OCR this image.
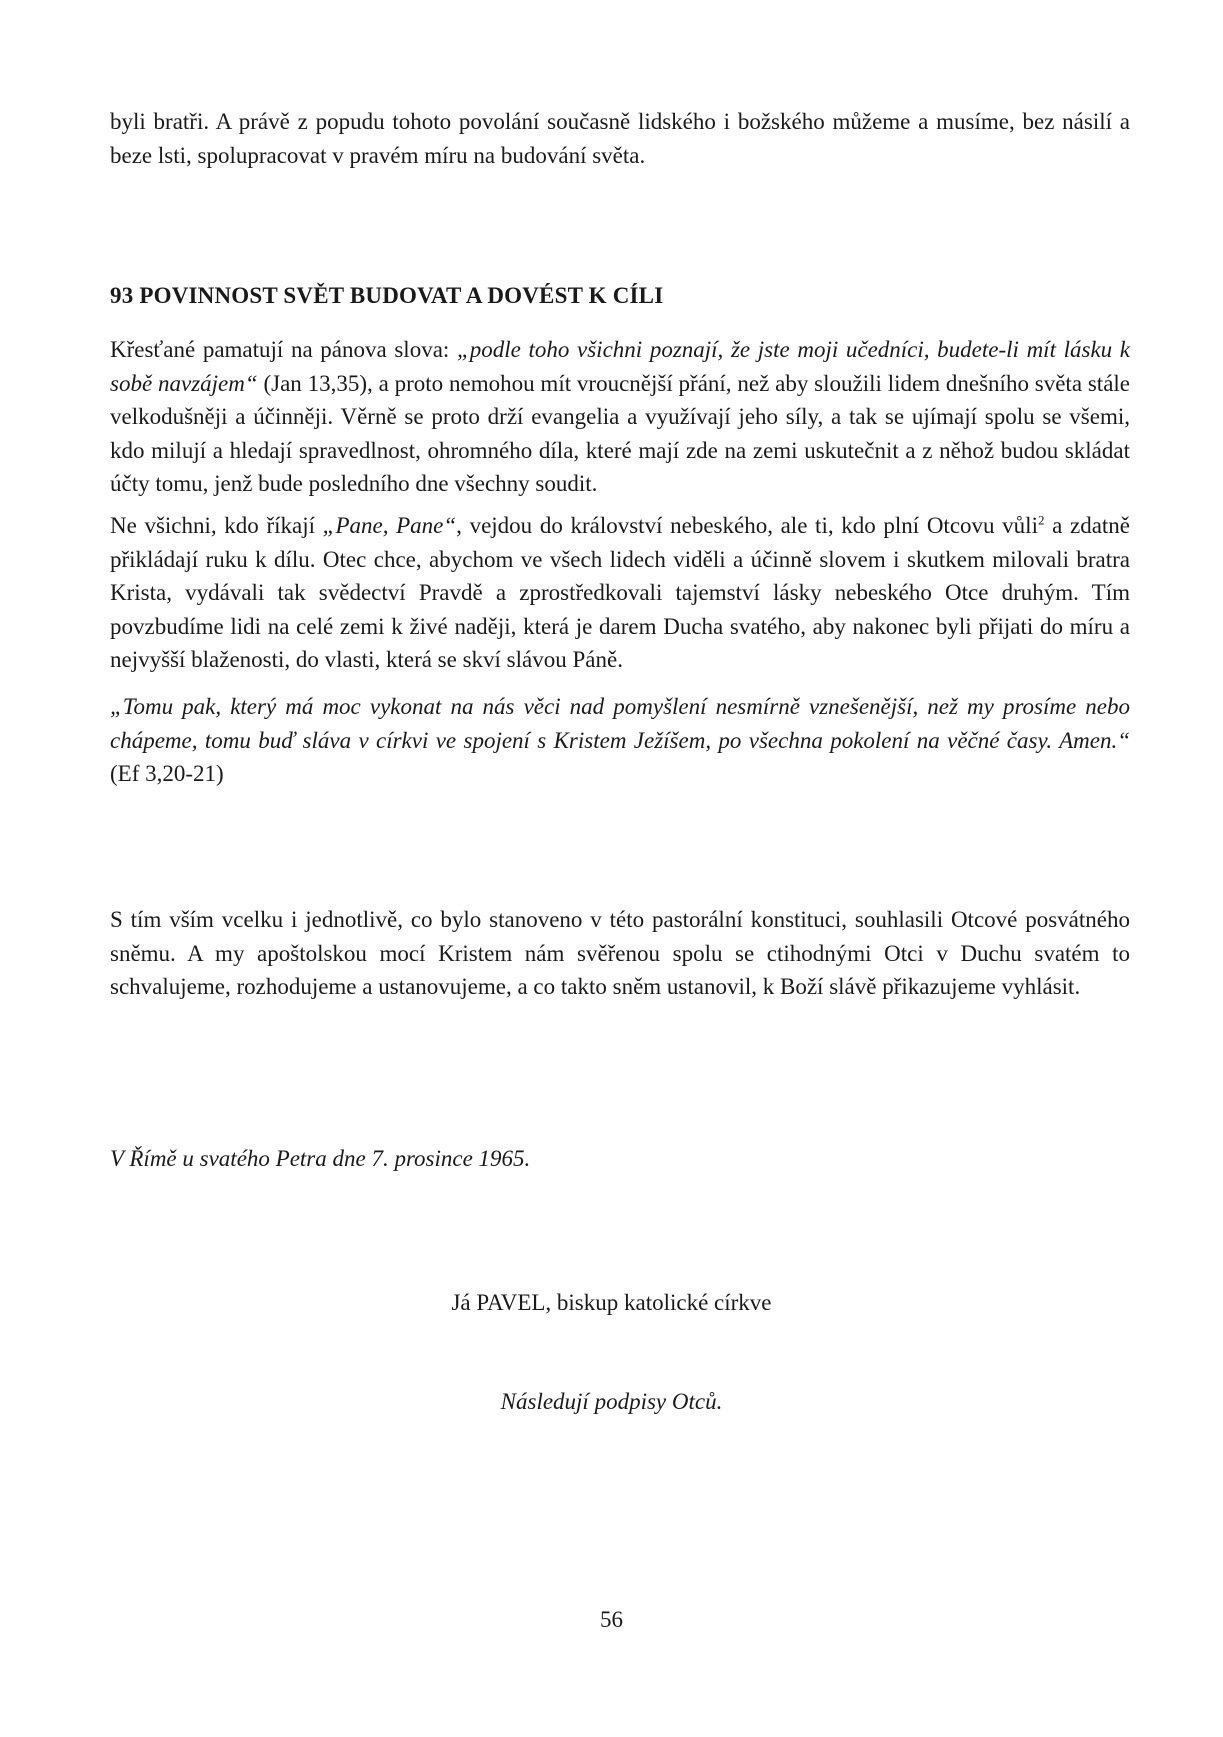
byli bratři. A právě z popudu tohoto povolání současně lidského i božského můžeme a musíme, bez násilí a beze lsti, spolupracovat v pravém míru na budování světa.

93 POVINNOST SVĚT BUDOVAT A DOVÉST K CÍLI

Křesťané pamatují na pánova slova: „podle toho všichni poznají, že jste moji učedníci, budete-li mít lásku k sobě navzájem“ (Jan 13,35), a proto nemohou mít vroucnější přání, než aby sloužili lidem dnešního světa stále velkodušněji a účinněji. Věrně se proto drží evangelia a využívají jeho síly, a tak se ujímají spolu se všemi, kdo milují a hledají spravedlnost, ohromného díla, které mají zde na zemi uskutečnit a z něhož budou skládat účty tomu, jenž bude posledního dne všechny soudit.

Ne všichni, kdo říkají „Pane, Pane“, vejdou do království nebeského, ale ti, kdo plní Otcovu vůli$^2$ a zdatně přikládají ruku k dílu. Otec chce, abychom ve všech lidech viděli a účinně slovem i skutkem milovali bratra Krista, vydávali tak svědectví Pravdě a zprostředkovali tajemství lásky nebeského Otce druhým. Tím povzbudíme lidi na celé zemi k živé naději, která je darem Ducha svatého, aby nakonec byli přijati do míru a nejvyšší blaženosti, do vlasti, která se skví slávou Páně.

„Tomu pak, který má moc vykonat na nás věci nad pomyšlení nesmírně vznešenější, než my prosíme nebo chápeme, tomu buď sláva v církvi ve spojení s Kristem Ježíšem, po všechna pokolení na věčné časy. Amen.“ (Ef 3,20-21)

S tím vším vcelku i jednotlivě, co bylo stanoveno v této pastorální konstituci, souhlasili Otcové posvátného sněmu. A my apoštolskou mocí Kristem nám svěřenou spolu se ctihodnými Otci v Duchu svatém to schvalujeme, rozhodujeme a ustanovujeme, a co takto sněm ustanovil, k Boží slávě přikazujeme vyhlásit.

V Římě u svatého Petra dne 7. prosince 1965.

Já PAVEL, biskup katolické církve

Následují podpisy Otců.

56
